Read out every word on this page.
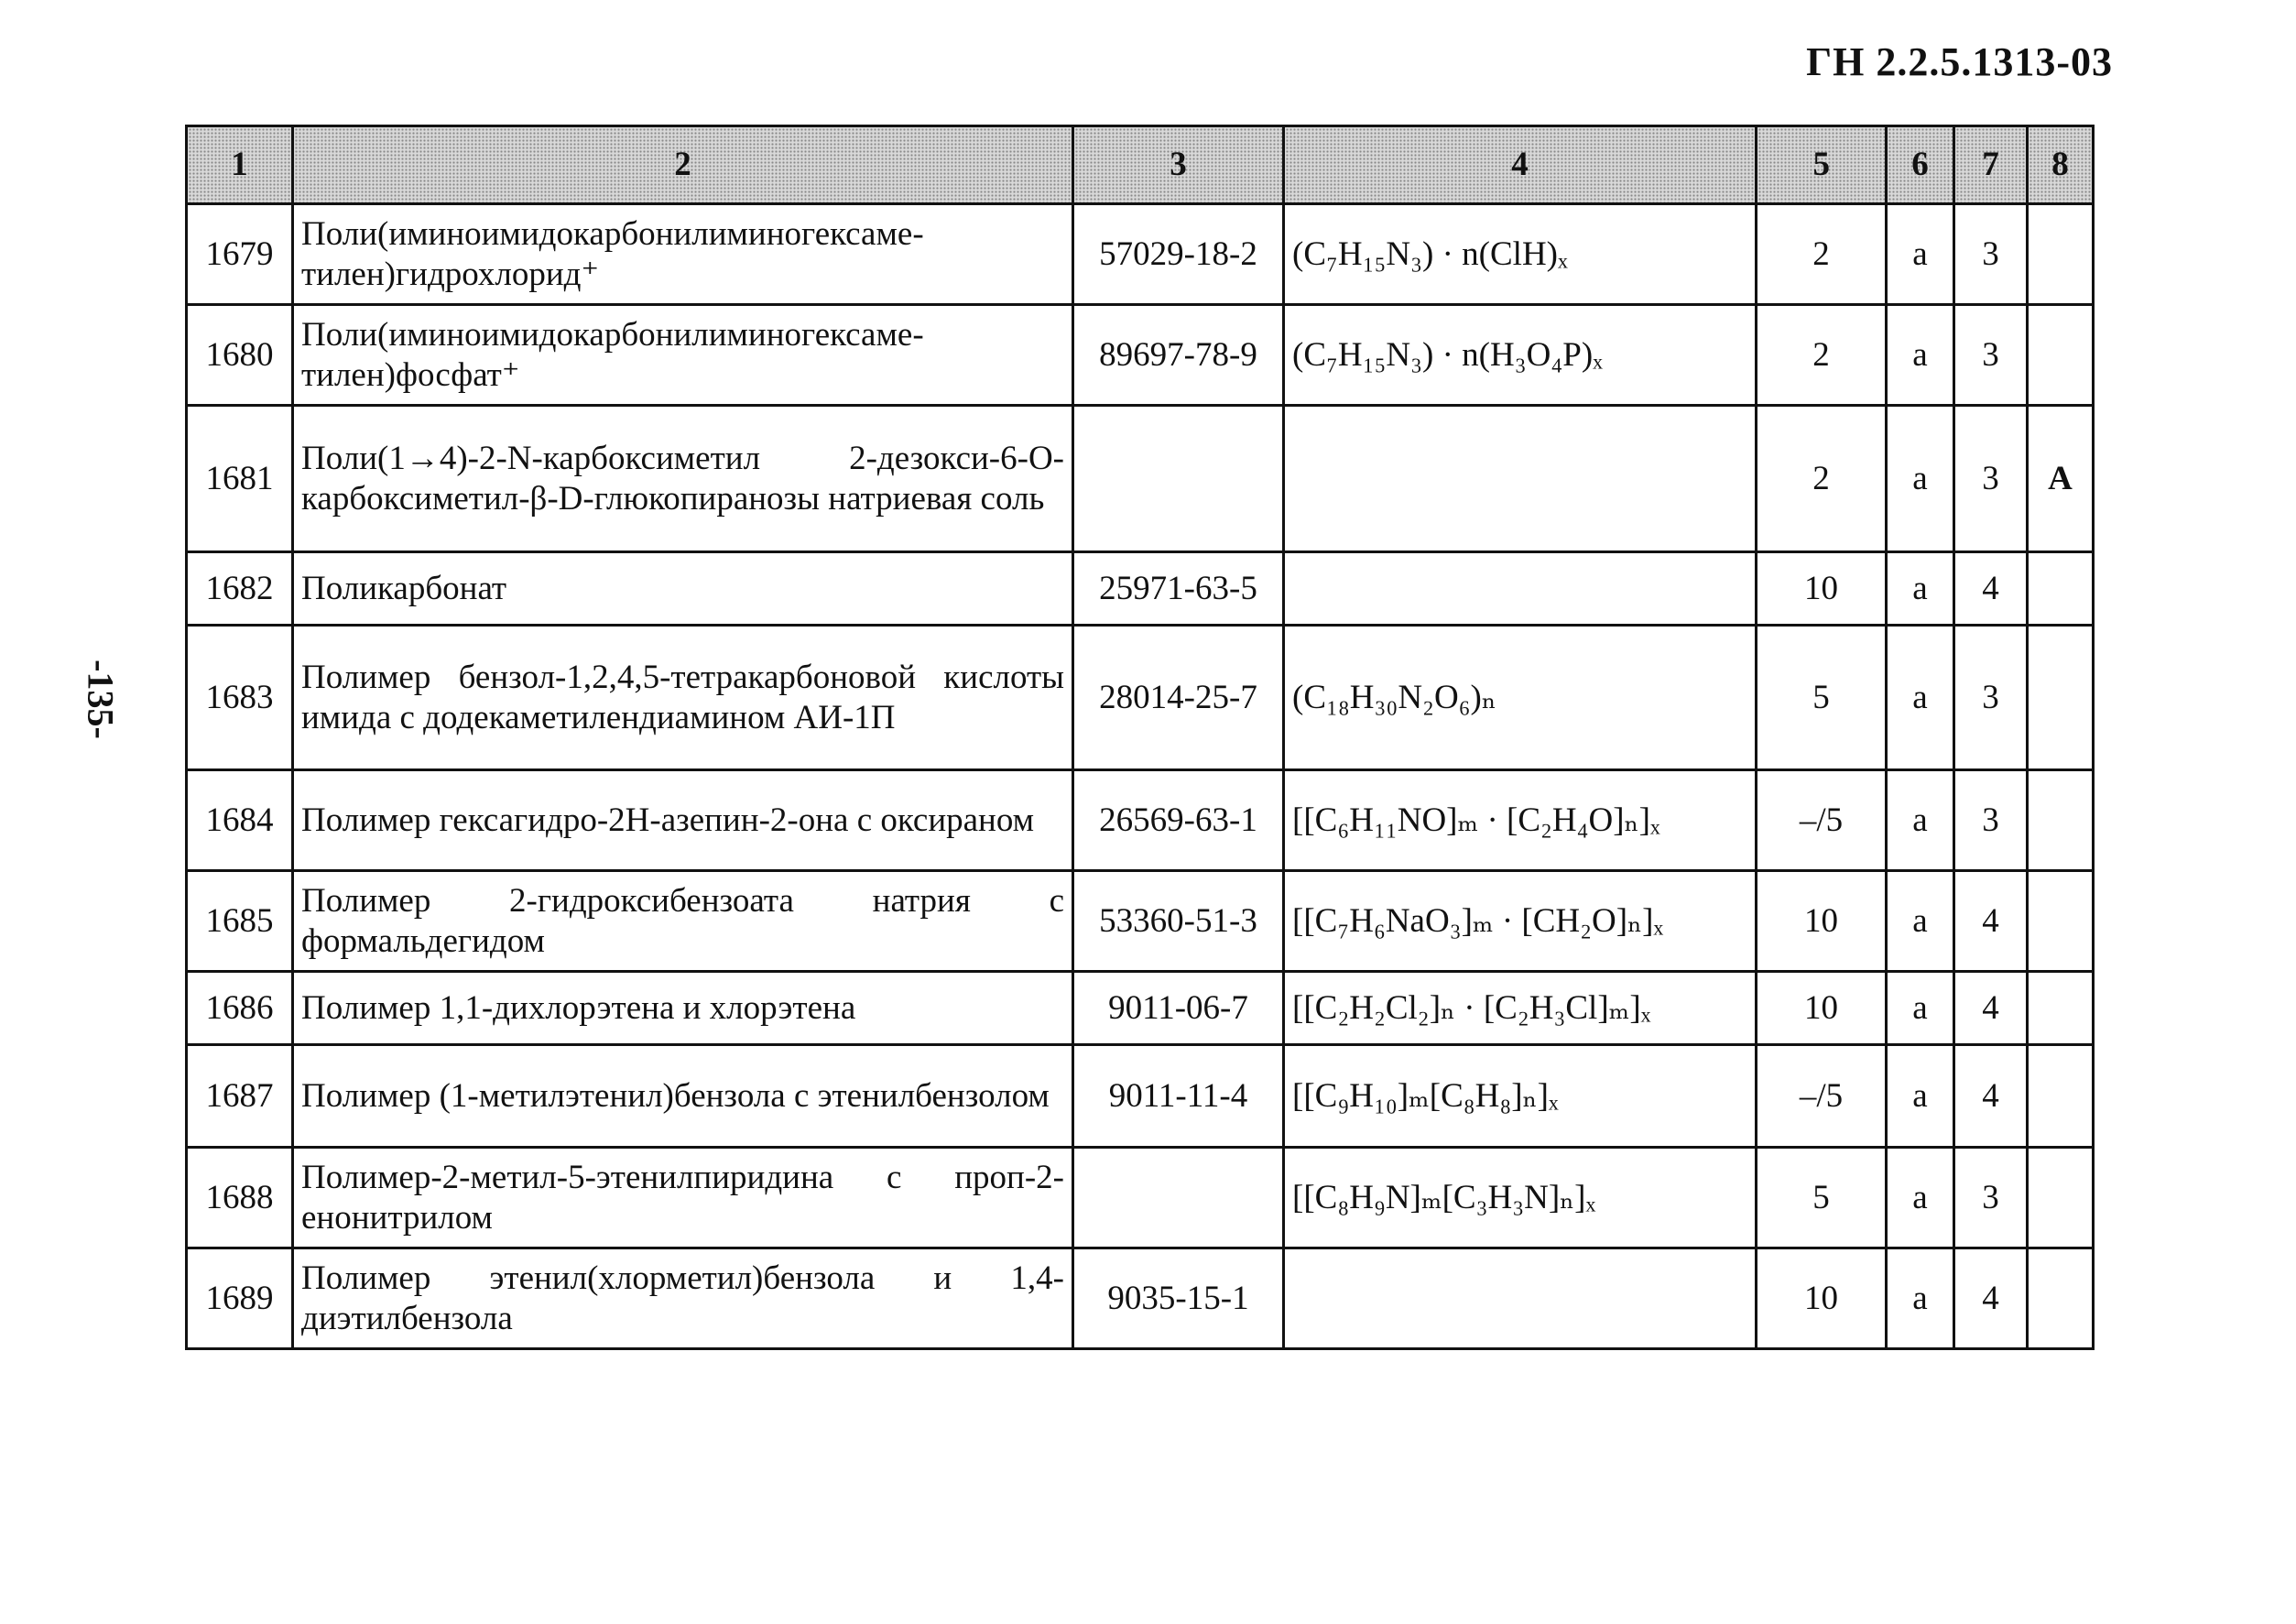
ГН 2.2.5.1313-03
-135-
1	2	3	4	5	6	7	8
1679	Поли(иминоимидокарбонилиминогексаме-тилен)гидрохлорид⁺	57029-18-2	(C₇H₁₅N₃) · n(ClH)ₓ	2	a	3	
1680	Поли(иминоимидокарбонилиминогексаме-тилен)фосфат⁺	89697-78-9	(C₇H₁₅N₃) · n(H₃O₄P)ₓ	2	a	3	
1681	Поли(1→4)-2-N-карбоксиметил 2-дезокси-6-O-карбоксиметил-β-D-глюкопиранозы натриевая соль			2	a	3	A
1682	Поликарбонат	25971-63-5		10	a	4	
1683	Полимер бензол-1,2,4,5-тетракарбоновой кислоты имида с додекаметилендиамином АИ-1П	28014-25-7	(C₁₈H₃₀N₂O₆)ₙ	5	a	3	
1684	Полимер гексагидро-2Н-азепин-2-она с оксираном	26569-63-1	[[C₆H₁₁NO]ₘ · [C₂H₄O]ₙ]ₓ	–/5	a	3	
1685	Полимер 2-гидроксибензоата натрия с формальдегидом	53360-51-3	[[C₇H₆NaO₃]ₘ · [CH₂O]ₙ]ₓ	10	a	4	
1686	Полимер 1,1-дихлорэтена и хлорэтена	9011-06-7	[[C₂H₂Cl₂]ₙ · [C₂H₃Cl]ₘ]ₓ	10	a	4	
1687	Полимер (1-метилэтенил)бензола с этенилбензолом	9011-11-4	[[C₉H₁₀]ₘ[C₈H₈]ₙ]ₓ	–/5	a	4	
1688	Полимер-2-метил-5-этенилпиридина с проп-2-енонитрилом		[[C₈H₉N]ₘ[C₃H₃N]ₙ]ₓ	5	a	3	
1689	Полимер этенил(хлорметил)бензола и 1,4-диэтилбензола	9035-15-1		10	a	4	
